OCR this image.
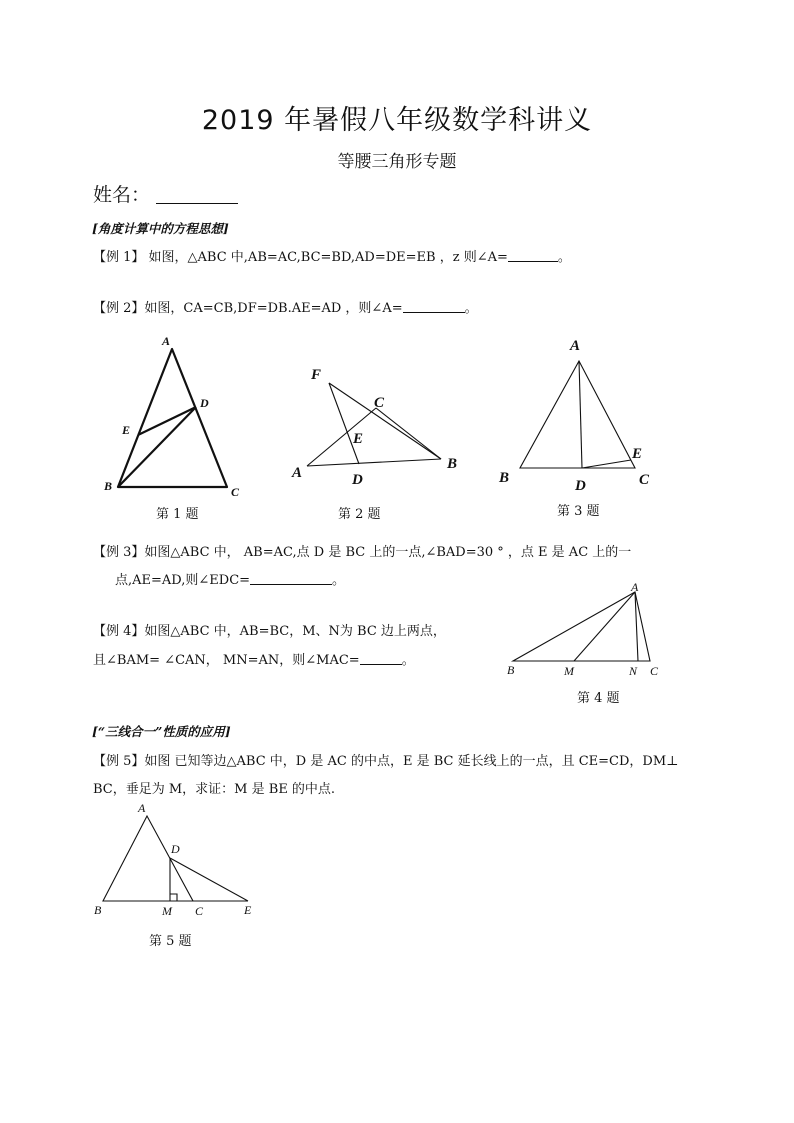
2019 年暑假八年级数学科讲义
等腰三角形专题
姓名：
[角度计算中的方程思想]
【例 1】 如图，△ABC 中,AB=AC,BC=BD,AD=DE=EB ，z 则∠A=	。
【例 2】如图，CA=CB,DF=DB.AE=AD ，则∠A=	。
A
B	C
D
E
第 1 题
F
C
E
A	D
B
第 2 题
A
E
B	D	C
第 3 题
【例 3】如图△ABC 中， AB=AC,点 D 是 BC 上的一点,∠BAD=30 ° ，点 E 是 AC 上的一
点,AE=AD,则∠EDC=	。
【例 4】如图△ABC 中，AB=BC，M、N为 BC 边上两点，
且∠BAM= ∠CAN， MN=AN，则∠MAC=	。
A
B	M	N C
第 4 题
[“三线合一”性质的应用]
【例 5】如图 已知等边△ABC 中，D 是 AC 的中点，E 是 BC 延长线上的一点，且 CE=CD，DM⊥
BC，垂足为 M，求证：M 是 BE 的中点.
A
D
B	M C	E
第 5 题
